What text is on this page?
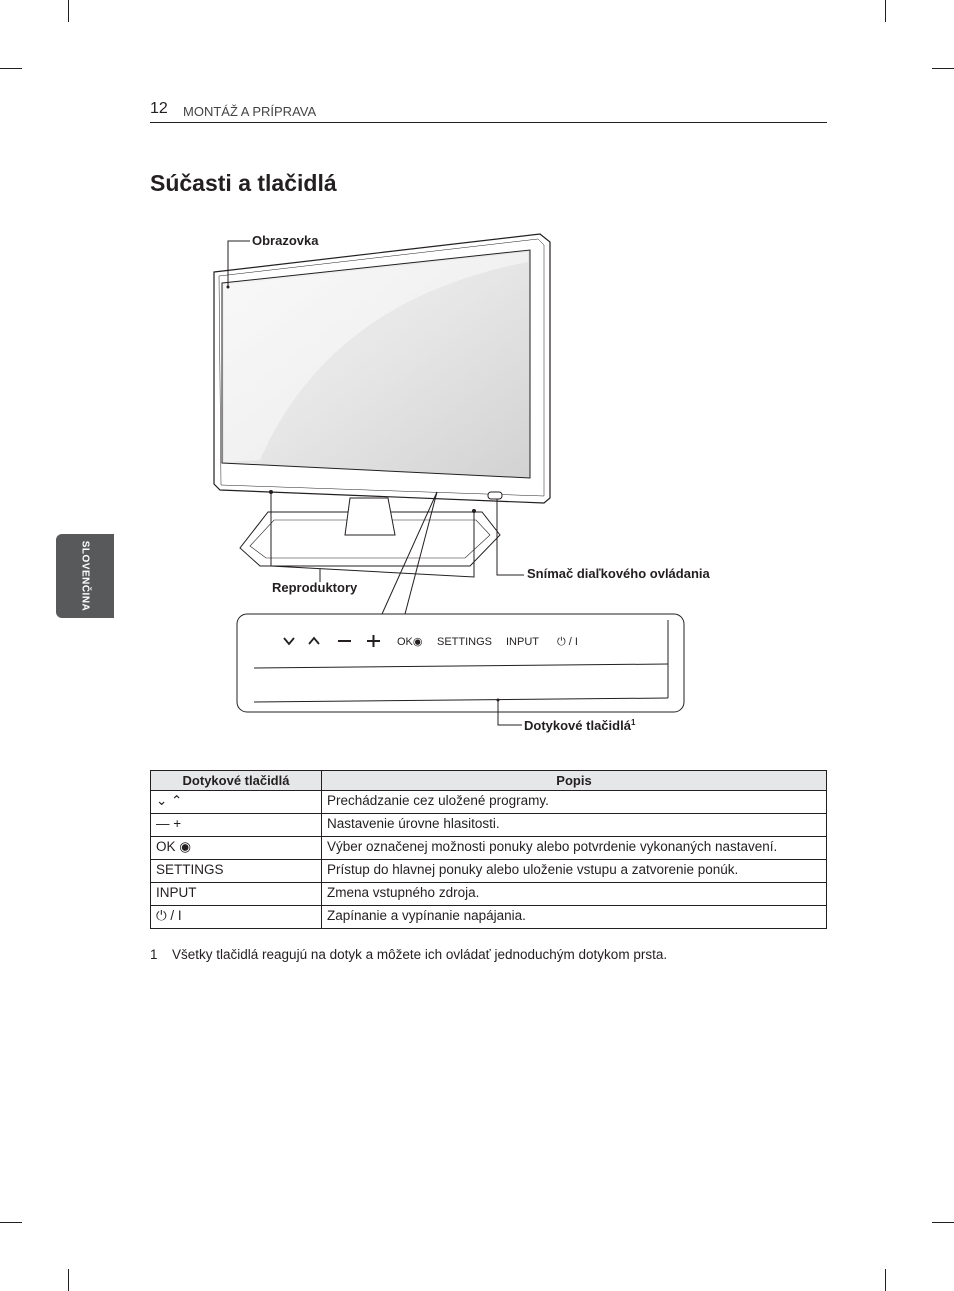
12 MONTÁŽ A PRÍPRAVA
Súčasti a tlačidlá
SLOVENČINA
Obrazovka
Reproduktory
Snímač diaľkového ovládania
OK◉ SETTINGS INPUT ⏻ / I
Dotykové tlačidlá$^1$
Dotykové tlačidlá	Popis
⌄ ⌃	Prechádzanie cez uložené programy.
— +	Nastavenie úrovne hlasitosti.
OK ◉	Výber označenej možnosti ponuky alebo potvrdenie vykonaných nastavení.
SETTINGS	Prístup do hlavnej ponuky alebo uloženie vstupu a zatvorenie ponúk.
INPUT	Zmena vstupného zdroja.
⏻ / I	Zapínanie a vypínanie napájania.
1 Všetky tlačidlá reagujú na dotyk a môžete ich ovládať jednoduchým dotykom prsta.
